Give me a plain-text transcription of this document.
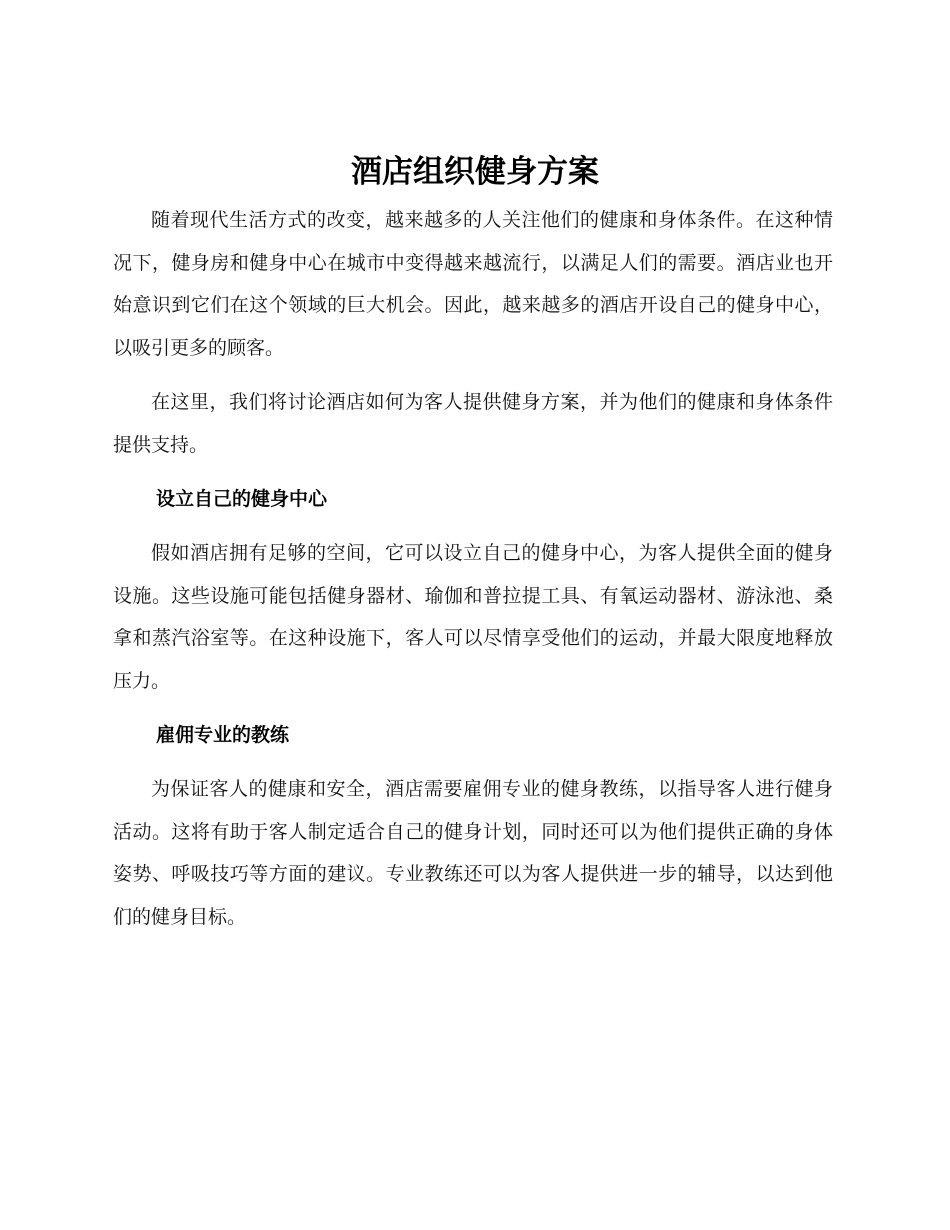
酒店组织健身方案

随着现代生活方式的改变，越来越多的人关注他们的健康和身体条件。在这种情况下，健身房和健身中心在城市中变得越来越流行，以满足人们的需要。酒店业也开始意识到它们在这个领域的巨大机会。因此，越来越多的酒店开设自己的健身中心，以吸引更多的顾客。

在这里，我们将讨论酒店如何为客人提供健身方案，并为他们的健康和身体条件提供支持。

设立自己的健身中心

假如酒店拥有足够的空间，它可以设立自己的健身中心，为客人提供全面的健身设施。这些设施可能包括健身器材、瑜伽和普拉提工具、有氧运动器材、游泳池、桑拿和蒸汽浴室等。在这种设施下，客人可以尽情享受他们的运动，并最大限度地释放压力。

雇佣专业的教练

为保证客人的健康和安全，酒店需要雇佣专业的健身教练，以指导客人进行健身活动。这将有助于客人制定适合自己的健身计划，同时还可以为他们提供正确的身体姿势、呼吸技巧等方面的建议。专业教练还可以为客人提供进一步的辅导，以达到他们的健身目标。
